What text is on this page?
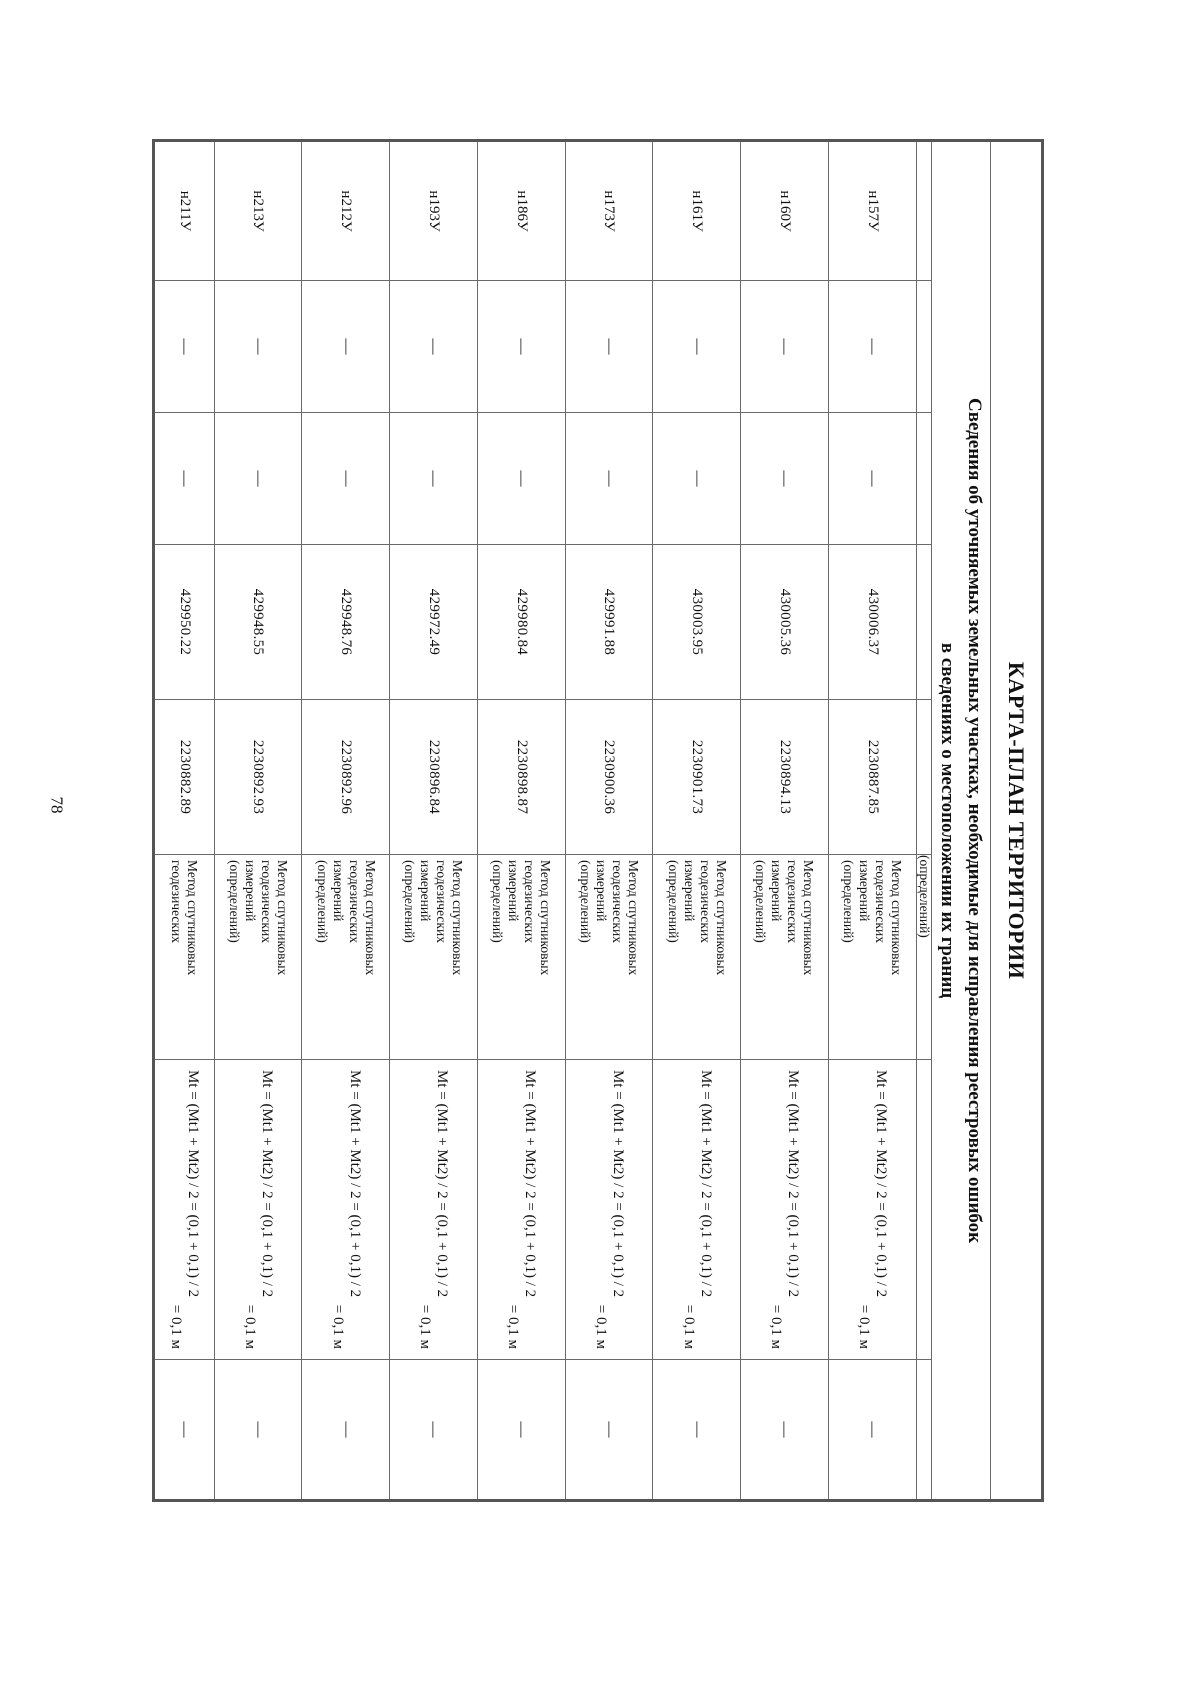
78	КАРТА-ПЛАН ТЕРРИТОРИИ							
Сведения об уточняемых земельных участках, необходимые для исправления реестровых ошибок
в сведениях о местоположении их границ							
					(определений)		
н157У	—	—	430006.37	2230887.85	Метод спутниковых
геодезических
измерений
(определений)	Mt = (Mt1 + Mt2) / 2 = (0,1 + 0,1) / 2
= 0,1 м	—
н160У	—	—	430005.36	2230894.13	Метод спутниковых
геодезических
измерений
(определений)	Mt = (Mt1 + Mt2) / 2 = (0,1 + 0,1) / 2
= 0,1 м	—
н161У	—	—	430003.95	2230901.73	Метод спутниковых
геодезических
измерений
(определений)	Mt = (Mt1 + Mt2) / 2 = (0,1 + 0,1) / 2
= 0,1 м	—
н173У	—	—	429991.88	2230900.36	Метод спутниковых
геодезических
измерений
(определений)	Mt = (Mt1 + Mt2) / 2 = (0,1 + 0,1) / 2
= 0,1 м	—
н186У	—	—	429980.84	2230898.87	Метод спутниковых
геодезических
измерений
(определений)	Mt = (Mt1 + Mt2) / 2 = (0,1 + 0,1) / 2
= 0,1 м	—
н193У	—	—	429972.49	2230896.84	Метод спутниковых
геодезических
измерений
(определений)	Mt = (Mt1 + Mt2) / 2 = (0,1 + 0,1) / 2
= 0,1 м	—
н212У	—	—	429948.76	2230892.96	Метод спутниковых
геодезических
измерений
(определений)	Mt = (Mt1 + Mt2) / 2 = (0,1 + 0,1) / 2
= 0,1 м	—
н213У	—	—	429948.55	2230892.93	Метод спутниковых
геодезических
измерений
(определений)	Mt = (Mt1 + Mt2) / 2 = (0,1 + 0,1) / 2
= 0,1 м	—
н211У	—	—	429950.22	2230882.89	Метод спутниковых
геодезических	Mt = (Mt1 + Mt2) / 2 = (0,1 + 0,1) / 2
= 0,1 м	—
